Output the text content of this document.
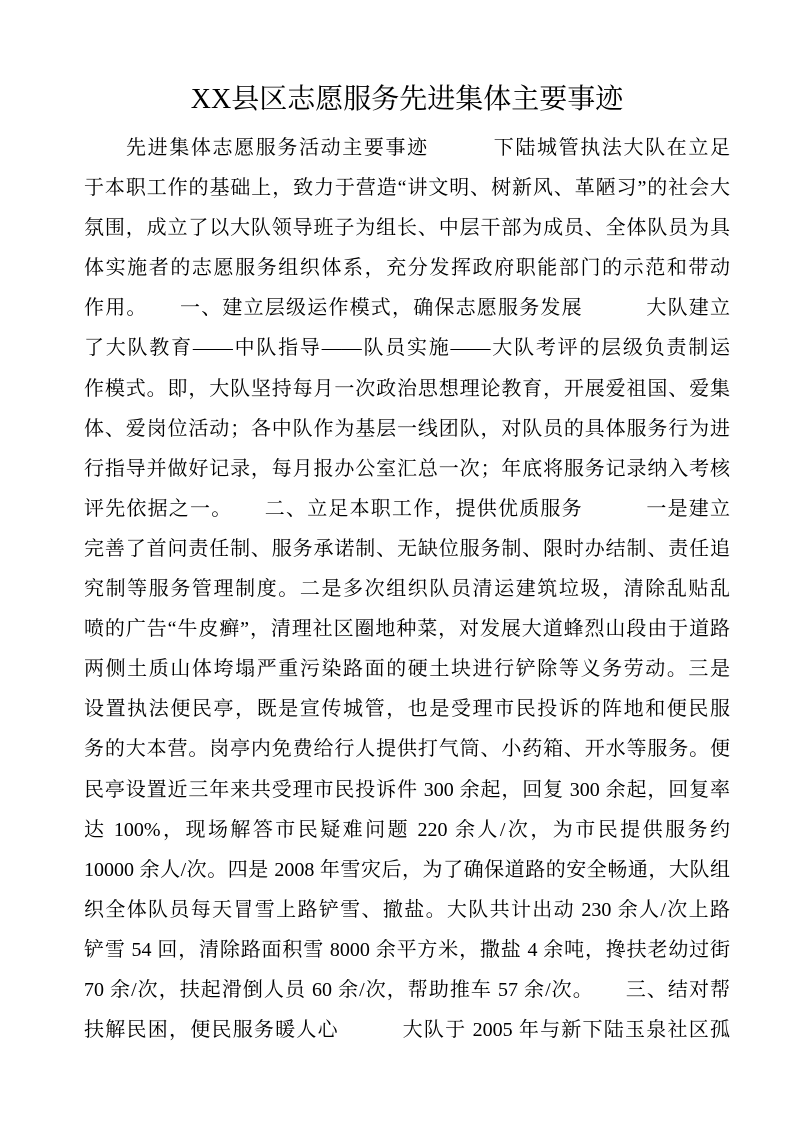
XX县区志愿服务先进集体主要事迹
先进集体志愿服务活动主要事迹　　　下陆城管执法大队在立足
于本职工作的基础上，致力于营造“讲文明、树新风、革陋习”的社会大
氛围，成立了以大队领导班子为组长、中层干部为成员、全体队员为具
体实施者的志愿服务组织体系，充分发挥政府职能部门的示范和带动
作用。　　一、建立层级运作模式，确保志愿服务发展　　　大队建立
了大队教育——中队指导——队员实施——大队考评的层级负责制运
作模式。即，大队坚持每月一次政治思想理论教育，开展爱祖国、爱集
体、爱岗位活动；各中队作为基层一线团队，对队员的具体服务行为进
行指导并做好记录，每月报办公室汇总一次；年底将服务记录纳入考核
评先依据之一。　　二、立足本职工作，提供优质服务　　　一是建立
完善了首问责任制、服务承诺制、无缺位服务制、限时办结制、责任追
究制等服务管理制度。二是多次组织队员清运建筑垃圾，清除乱贴乱
喷的广告“牛皮癣”，清理社区圈地种菜，对发展大道蜂烈山段由于道路
两侧土质山体垮塌严重污染路面的硬土块进行铲除等义务劳动。三是
设置执法便民亭，既是宣传城管，也是受理市民投诉的阵地和便民服
务的大本营。岗亭内免费给行人提供打气筒、小药箱、开水等服务。便
民亭设置近三年来共受理市民投诉件 300 余起，回复 300 余起，回复率
达 100%，现场解答市民疑难问题 220 余人/次，为市民提供服务约
10000 余人/次。四是 2008 年雪灾后，为了确保道路的安全畅通，大队组
织全体队员每天冒雪上路铲雪、撤盐。大队共计出动 230 余人/次上路
铲雪 54 回，清除路面积雪 8000 余平方米，撒盐 4 余吨，搀扶老幼过街
70 余/次，扶起滑倒人员 60 余/次，帮助推车 57 余/次。　　三、结对帮
扶解民困，便民服务暖人心　　　大队于 2005 年与新下陆玉泉社区孤
